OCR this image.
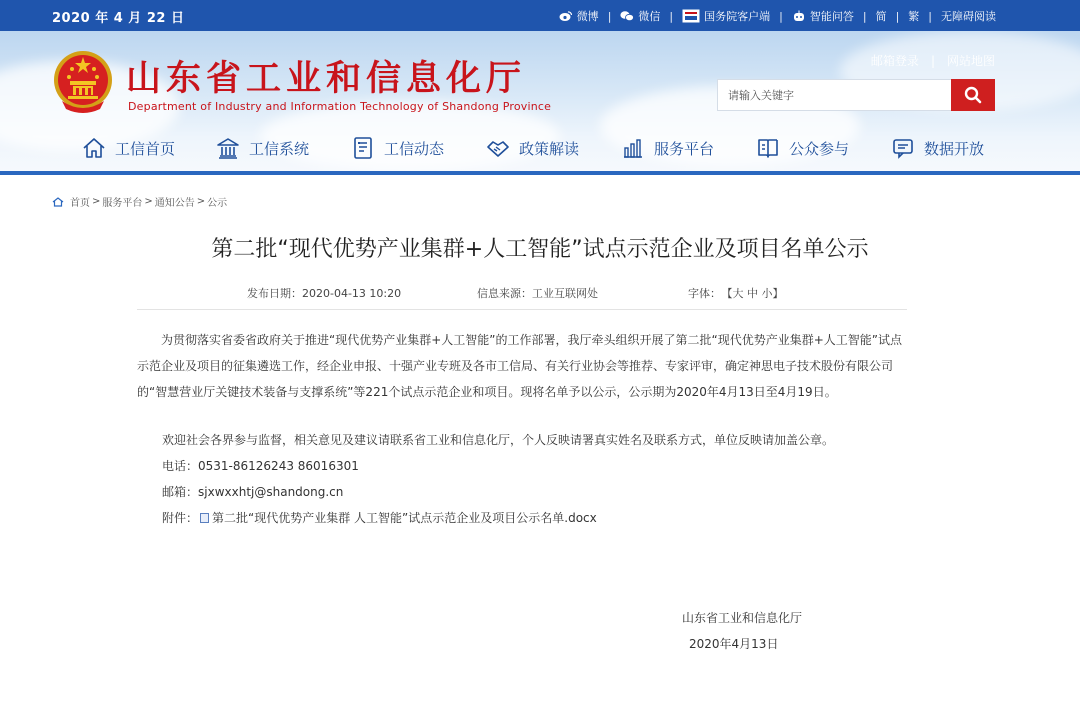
2020 年 4 月 22 日	微博 | 微信 |	国务院客户端 | 智能问答 | 简 | 繁 | 无障碍阅读
山东省工业和信息化厅
Department of Industry and Information Technology of Shandong Province
邮箱登录 | 网站地图
请输入关键字
工信首页	工信系统	工信动态	政策解读	服务平台	公众参与	数据开放
首页 > 服务平台 > 通知公告 > 公示
第二批“现代优势产业集群+人工智能”试点示范企业及项目名单公示
发布日期：2020-04-13 10:20	信息来源：工业互联网处	字体： 【大 中 小】
为贯彻落实省委省政府关于推进“现代优势产业集群+人工智能”的工作部署，我厅牵头组织开展了第二批“现代优势产业集群+人工智能”试点示范企业及项目的征集遴选工作，经企业申报、十强产业专班及各市工信局、有关行业协会等推荐、专家评审，确定神思电子技术股份有限公司的“智慧营业厅关键技术装备与支撑系统”等221个试点示范企业和项目。现将名单予以公示，公示期为2020年4月13日至4月19日。
欢迎社会各界参与监督，相关意见及建议请联系省工业和信息化厅，个人反映请署真实姓名及联系方式，单位反映请加盖公章。
电话：0531-86126243 86016301
邮箱：sjxwxxhtj@shandong.cn
附件： 第二批“现代优势产业集群 人工智能”试点示范企业及项目公示名单.docx
山东省工业和信息化厅
2020年4月13日
